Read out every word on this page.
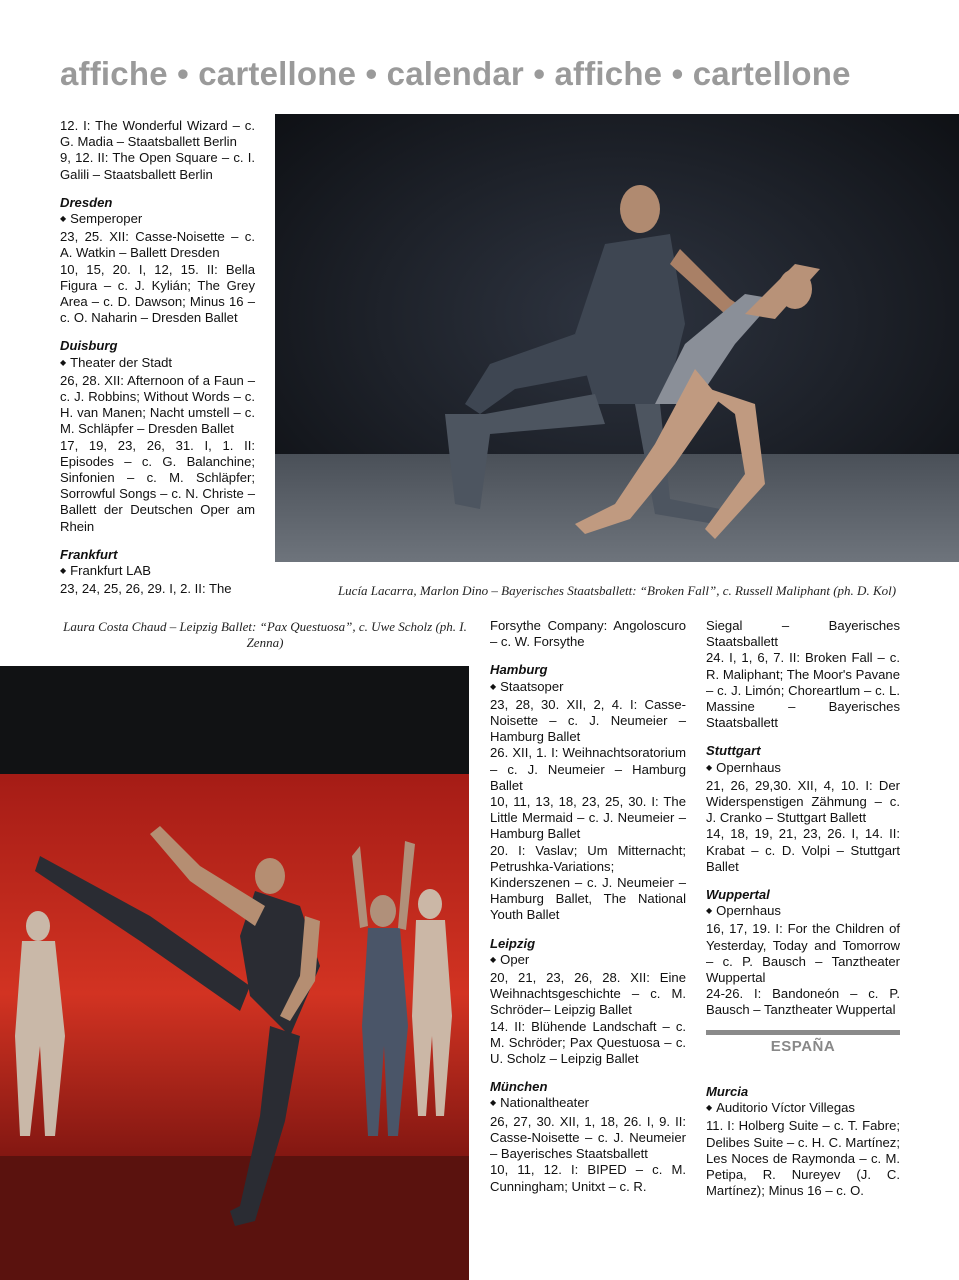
affiche • cartellone • calendar • affiche • cartellone

12. I: The Wonderful Wizard – c. G. Madia – Staatsballett Berlin

9, 12. II: The Open Square – c. I. Galili – Staatsballett Berlin

Dresden

◆ Semperoper

23, 25. XII: Casse-Noisette – c. A. Watkin – Ballett Dresden

10, 15, 20. I, 12, 15. II: Bella Figura – c. J. Kylián; The Grey Area – c. D. Dawson; Minus 16 – c. O. Naharin – Dresden Ballet

Duisburg

◆ Theater der Stadt

26, 28. XII: Afternoon of a Faun – c. J. Robbins; Without Words – c. H. van Manen; Nacht umstell – c. M. Schläpfer – Dresden Ballet

17, 19, 23, 26, 31. I, 1. II: Episodes – c. G. Balanchine; Sinfonien – c. M. Schläpfer; Sorrowful Songs – c. N. Christe –Ballett der Deutschen Oper am Rhein

Frankfurt

◆ Frankfurt LAB

23, 24, 25, 26, 29. I, 2. II: The	Lucía Lacarra, Marlon Dino – Bayerisches Staatsballett: “Broken Fall”, c. Russell Maliphant (ph. D. Kol)
Laura Costa Chaud – Leipzig Ballet: “Pax Questuosa”, c. Uwe Scholz (ph. I. Zenna)

Forsythe Company: Angoloscuro – c. W. Forsythe

Hamburg

◆ Staatsoper

23, 28, 30. XII, 2, 4. I: Casse-Noisette – c. J. Neumeier – Hamburg Ballet

26. XII, 1. I: Weihnachtsoratorium – c. J. Neumeier – Hamburg Ballet

10, 11, 13, 18, 23, 25, 30. I: The Little Mermaid – c. J. Neumeier – Hamburg Ballet

20. I: Vaslav; Um Mitternacht; Petrushka-Variations; Kinderszenen – c. J. Neumeier – Hamburg Ballet, The National Youth Ballet

Leipzig

◆ Oper

20, 21, 23, 26, 28. XII: Eine Weihnachtsgeschichte – c. M. Schröder– Leipzig Ballet

14. II: Blühende Landschaft – c. M. Schröder; Pax Questuosa – c. U. Scholz – Leipzig Ballet

München

◆ Nationaltheater

26, 27, 30. XII, 1, 18, 26. I, 9. II: Casse-Noisette – c. J. Neumeier – Bayerisches Staatsballett

10, 11, 12. I: BIPED – c. M. Cunningham; Unitxt – c. R.

Siegal – Bayerisches Staatsballett

24. I, 1, 6, 7. II: Broken Fall – c. R. Maliphant; The Moor's Pavane – c. J. Limón; Choreartlum – c. L. Massine – Bayerisches Staatsballett

Stuttgart

◆ Opernhaus

21, 26, 29,30. XII, 4, 10. I: Der Widerspenstigen Zähmung – c. J. Cranko – Stuttgart Ballett

14, 18, 19, 21, 23, 26. I, 14. II: Krabat – c. D. Volpi – Stuttgart Ballet

Wuppertal

◆ Opernhaus

16, 17, 19. I: For the Children of Yesterday, Today and Tomorrow – c. P. Bausch – Tanztheater Wuppertal

24-26. I: Bandoneón – c. P. Bausch – Tanztheater Wuppertal

ESPAÑA

Murcia

◆ Auditorio Víctor Villegas

11. I: Holberg Suite – c. T. Fabre; Delibes Suite – c. H. C. Martínez; Les Noces de Raymonda – c. M. Petipa, R. Nureyev (J. C. Martínez); Minus 16 – c. O.
